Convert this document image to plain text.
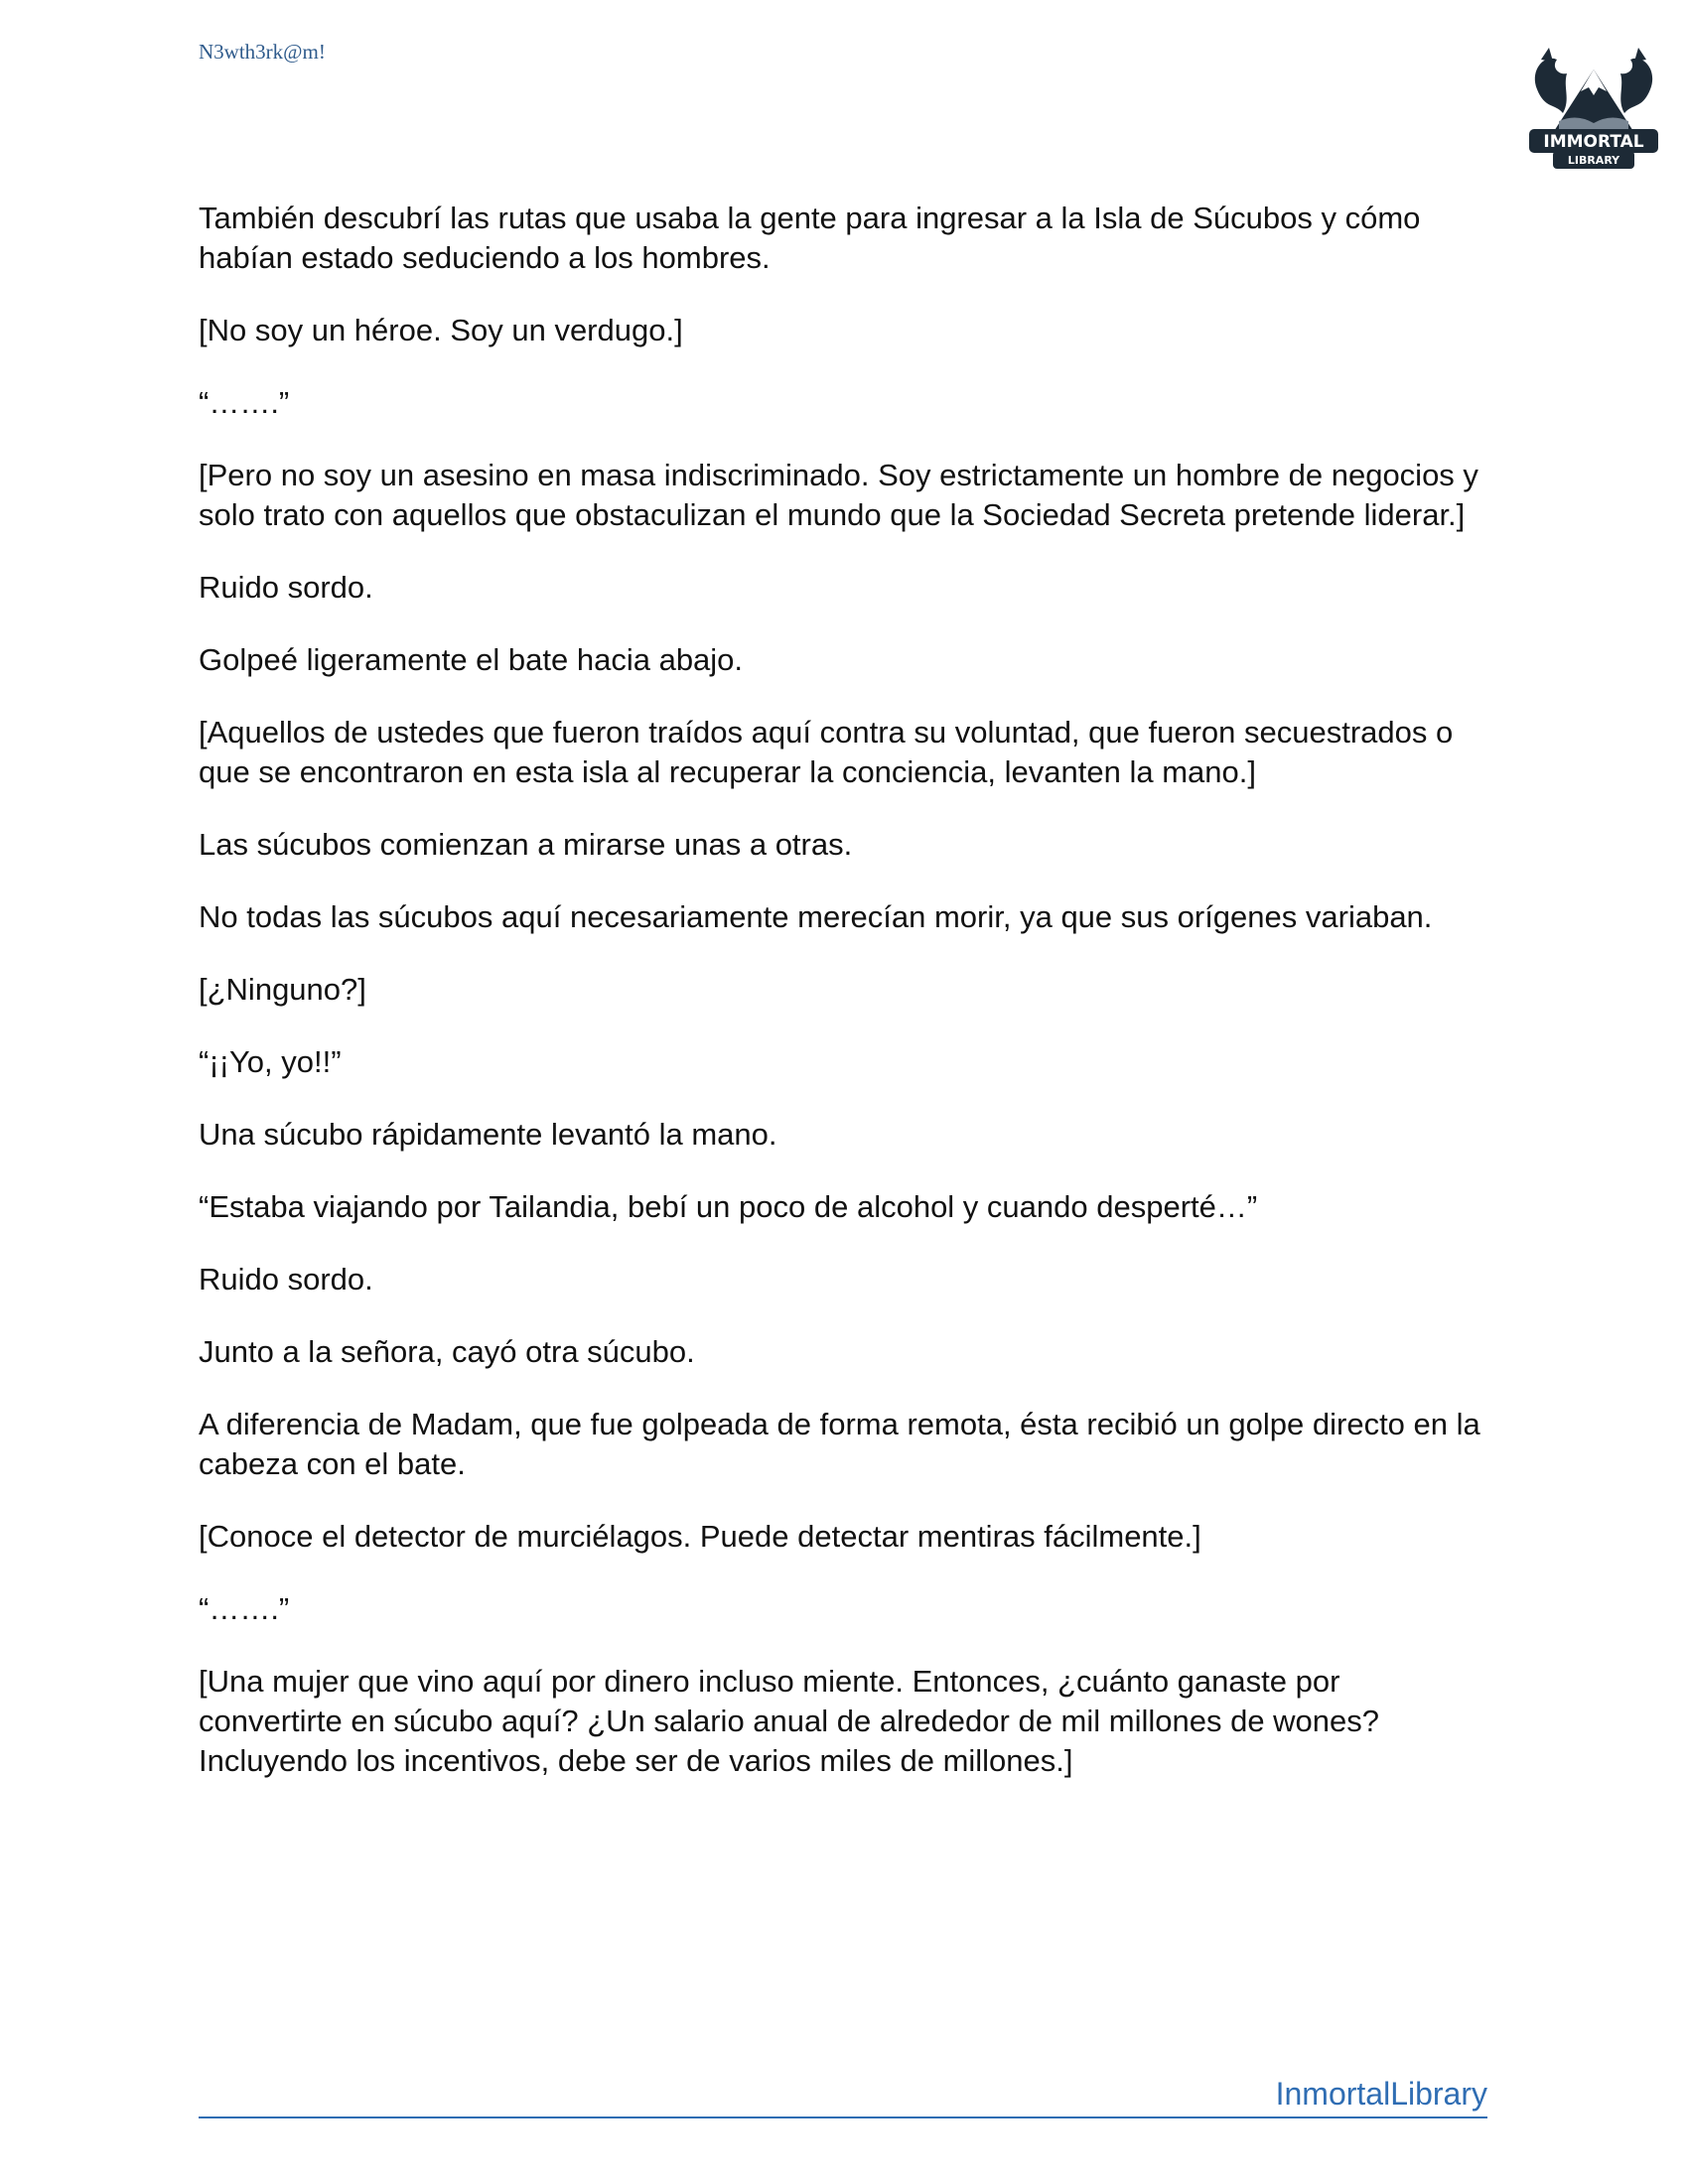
N3wth3rk@m!
IMMORTAL
LIBRARY

También descubrí las rutas que usaba la gente para ingresar a la Isla de Súcubos y cómo habían estado seduciendo a los hombres.

[No soy un héroe. Soy un verdugo.]

“…….”

[Pero no soy un asesino en masa indiscriminado. Soy estrictamente un hombre de negocios y solo trato con aquellos que obstaculizan el mundo que la Sociedad Secreta pretende liderar.]

Ruido sordo.

Golpeé ligeramente el bate hacia abajo.

[Aquellos de ustedes que fueron traídos aquí contra su voluntad, que fueron secuestrados o que se encontraron en esta isla al recuperar la conciencia, levanten la mano.]

Las súcubos comienzan a mirarse unas a otras.

No todas las súcubos aquí necesariamente merecían morir, ya que sus orígenes variaban.

[¿Ninguno?]

“¡¡Yo, yo!!”

Una súcubo rápidamente levantó la mano.

“Estaba viajando por Tailandia, bebí un poco de alcohol y cuando desperté…”

Ruido sordo.

Junto a la señora, cayó otra súcubo.

A diferencia de Madam, que fue golpeada de forma remota, ésta recibió un golpe directo en la cabeza con el bate.

[Conoce el detector de murciélagos. Puede detectar mentiras fácilmente.]

“…….”

[Una mujer que vino aquí por dinero incluso miente. Entonces, ¿cuánto ganaste por convertirte en súcubo aquí? ¿Un salario anual de alrededor de mil millones de wones? Incluyendo los incentivos, debe ser de varios miles de millones.]

InmortalLibrary
